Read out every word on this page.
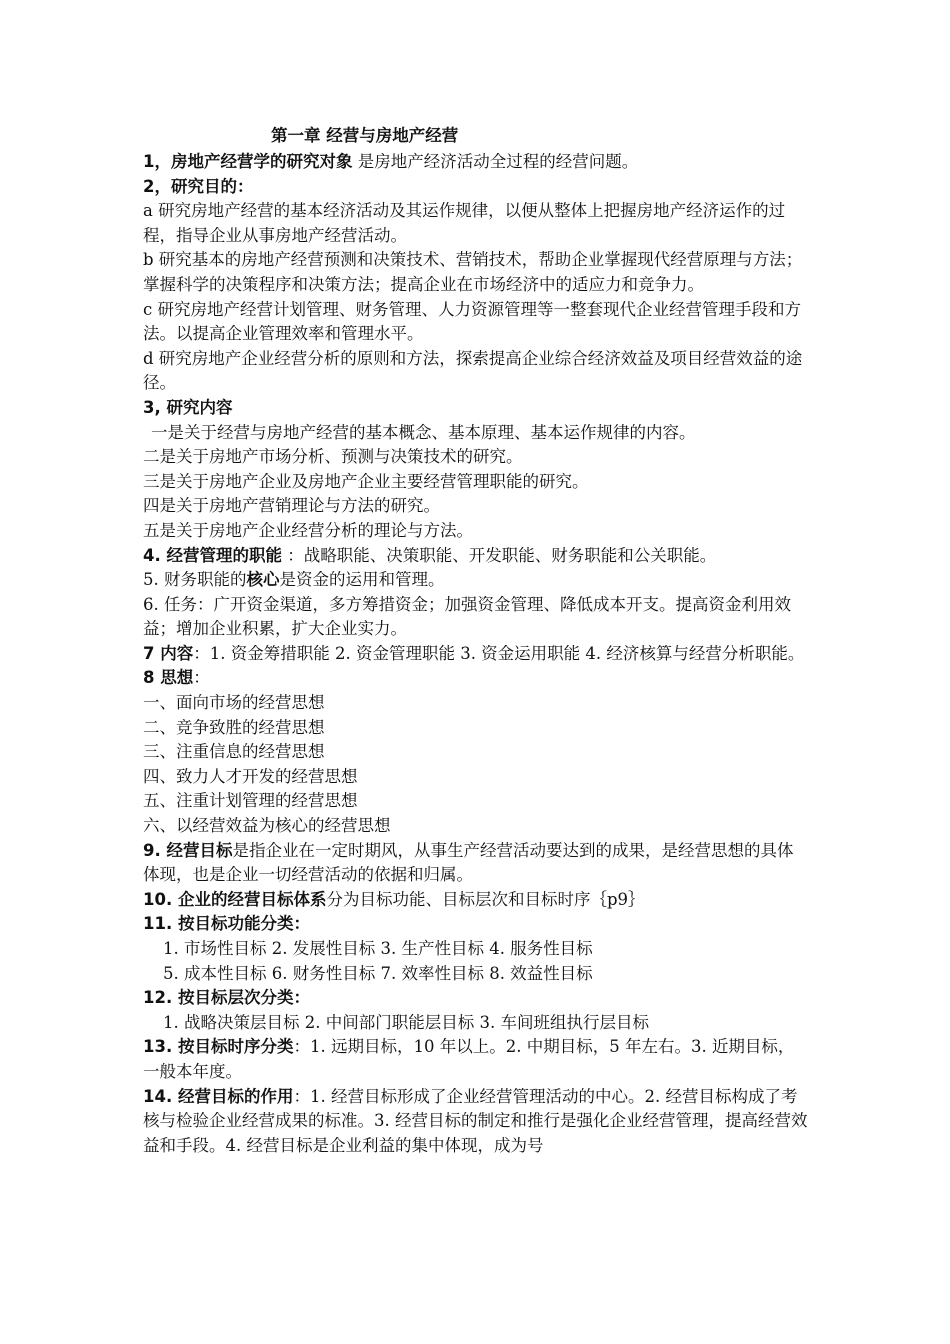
第一章 经营与房地产经营

1，房地产经营学的研究对象 是房地产经济活动全过程的经营问题。

2，研究目的：

a 研究房地产经营的基本经济活动及其运作规律，以便从整体上把握房地产经济运作的过程，指导企业从事房地产经营活动。

b 研究基本的房地产经营预测和决策技术、营销技术，帮助企业掌握现代经营原理与方法；掌握科学的决策程序和决策方法；提高企业在市场经济中的适应力和竞争力。

c 研究房地产经营计划管理、财务管理、人力资源管理等一整套现代企业经营管理手段和方法。以提高企业管理效率和管理水平。

d 研究房地产企业经营分析的原则和方法，探索提高企业综合经济效益及项目经营效益的途径。

3, 研究内容

一是关于经营与房地产经营的基本概念、基本原理、基本运作规律的内容。

二是关于房地产市场分析、预测与决策技术的研究。

三是关于房地产企业及房地产企业主要经营管理职能的研究。

四是关于房地产营销理论与方法的研究。

五是关于房地产企业经营分析的理论与方法。

4. 经营管理的职能 ：战略职能、决策职能、开发职能、财务职能和公关职能。

5. 财务职能的核心是资金的运用和管理。

6. 任务：广开资金渠道，多方筹措资金；加强资金管理、降低成本开支。提高资金利用效益；增加企业积累，扩大企业实力。

7 内容：1. 资金筹措职能 2. 资金管理职能 3. 资金运用职能 4. 经济核算与经营分析职能。

8 思想：

一、面向市场的经营思想

二、竞争致胜的经营思想

三、注重信息的经营思想

四、致力人才开发的经营思想

五、注重计划管理的经营思想

六、以经营效益为核心的经营思想

9. 经营目标是指企业在一定时期风，从事生产经营活动要达到的成果，是经营思想的具体体现，也是企业一切经营活动的依据和归属。

10. 企业的经营目标体系分为目标功能、目标层次和目标时序｛p9｝

11. 按目标功能分类：

1. 市场性目标 2. 发展性目标 3. 生产性目标 4. 服务性目标

5. 成本性目标 6. 财务性目标 7. 效率性目标 8. 效益性目标

12. 按目标层次分类：

1. 战略决策层目标 2. 中间部门职能层目标 3. 车间班组执行层目标

13. 按目标时序分类：1. 远期目标，10 年以上。2. 中期目标，5 年左右。3. 近期目标，一般本年度。

14. 经营目标的作用：1. 经营目标形成了企业经营管理活动的中心。2. 经营目标构成了考核与检验企业经营成果的标准。3. 经营目标的制定和推行是强化企业经营管理，提高经营效益和手段。4. 经营目标是企业利益的集中体现，成为号
